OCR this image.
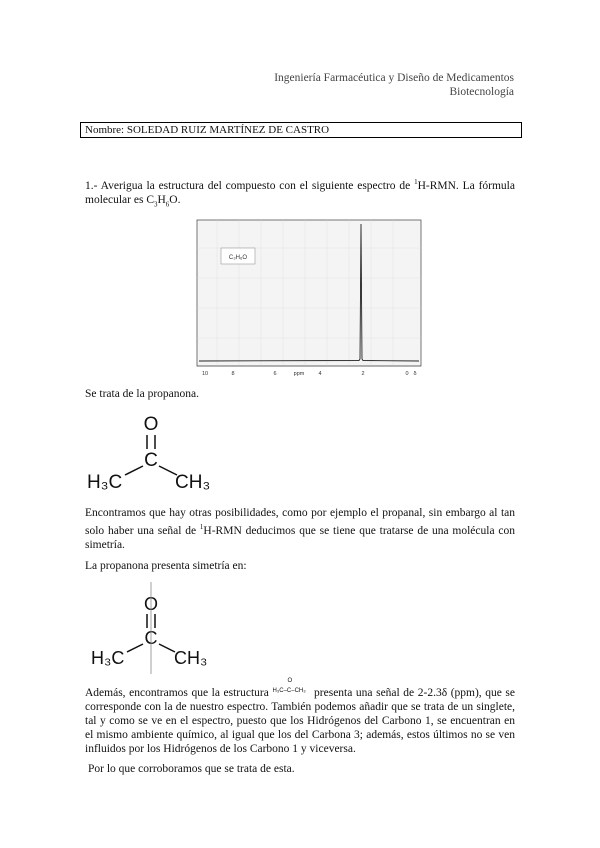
Ingeniería Farmacéutica y Diseño de Medicamentos
Biotecnología
Nombre: SOLEDAD RUIZ MARTÍNEZ DE CASTRO
1.- Averigua la estructura del compuesto con el siguiente espectro de $^1$H-RMN. La fórmula molecular es $C_3H_6O$.
C₃H₆O
10	8	6	ppm	4	2	0 δ
Se trata de la propanona.
O
C
H₃C	CH₃
Encontramos que hay otras posibilidades, como por ejemplo el propanal, sin embargo al tan solo haber una señal de $^1$H-RMN deducimos que se tiene que tratarse de una molécula con simetría.
La propanona presenta simetría en:
O
C
H₃C	CH₃
Además, encontramos que la estructura
O
H₃C–C–CH₃ presenta una señal de 2-2.3δ (ppm), que se corresponde con la de nuestro espectro. También podemos añadir que se trata de un singlete, tal y como se ve en el espectro, puesto que los Hidrógenos del Carbono 1, se encuentran en el mismo ambiente químico, al igual que los del Carbona 3; además, estos últimos no se ven influidos por los Hidrógenos de los Carbono 1 y viceversa.
Por lo que corroboramos que se trata de esta.
